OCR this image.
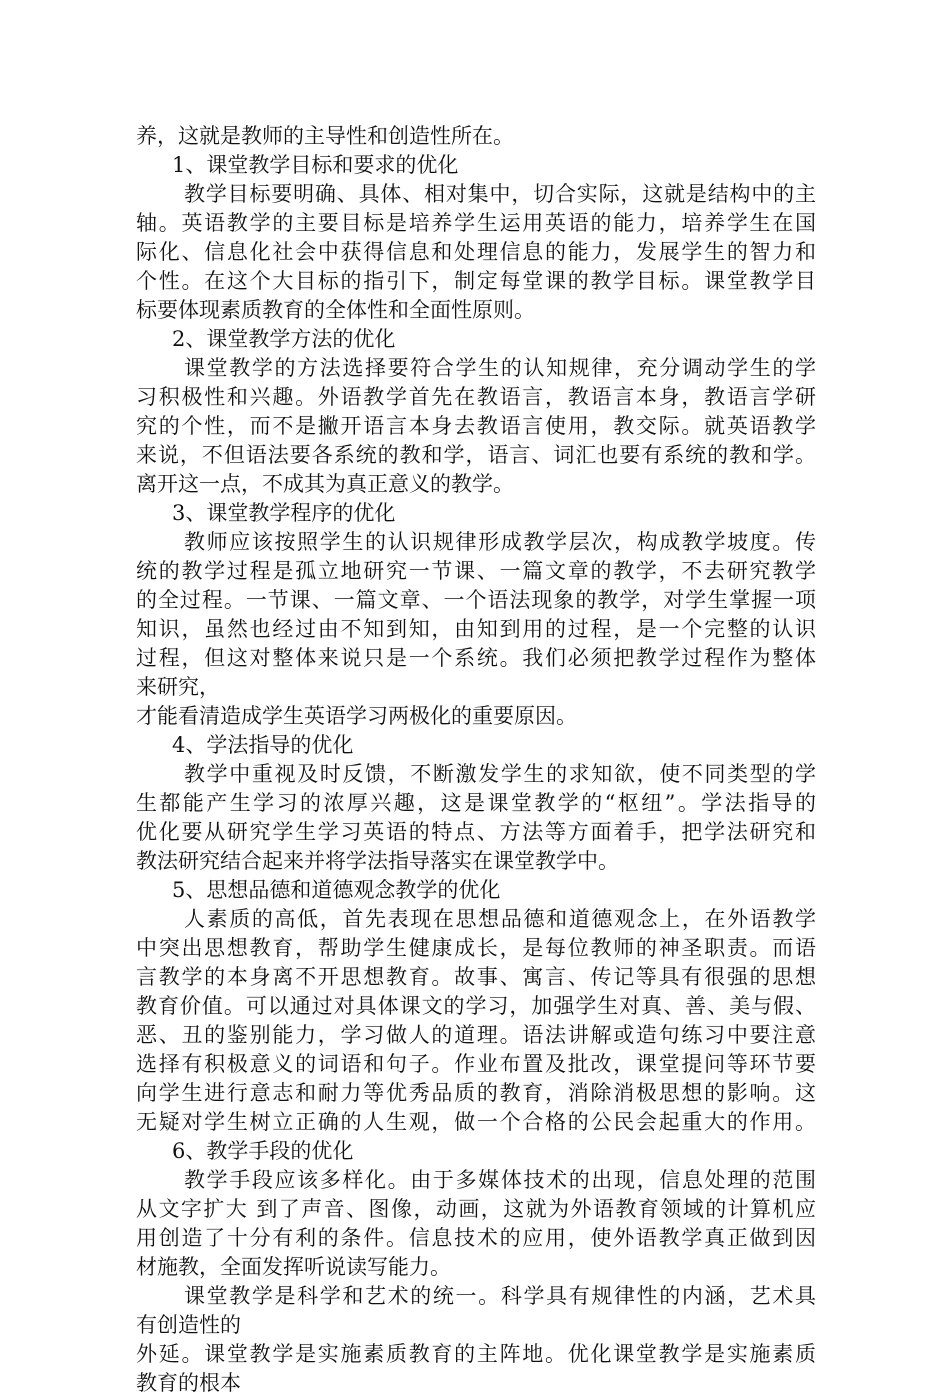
养，这就是教师的主导性和创造性所在。
1、课堂教学目标和要求的优化
教学目标要明确、具体、相对集中，切合实际，这就是结构中的主
轴。英语教学的主要目标是培养学生运用英语的能力，培养学生在国
际化、信息化社会中获得信息和处理信息的能力，发展学生的智力和
个性。在这个大目标的指引下，制定每堂课的教学目标。课堂教学目
标要体现素质教育的全体性和全面性原则。
2、课堂教学方法的优化
课堂教学的方法选择要符合学生的认知规律，充分调动学生的学
习积极性和兴趣。外语教学首先在教语言，教语言本身，教语言学研
究的个性，而不是撇开语言本身去教语言使用，教交际。就英语教学
来说，不但语法要各系统的教和学，语言、词汇也要有系统的教和学。
离开这一点，不成其为真正意义的教学。
3、课堂教学程序的优化
教师应该按照学生的认识规律形成教学层次，构成教学坡度。传
统的教学过程是孤立地研究一节课、一篇文章的教学，不去研究教学
的全过程。一节课、一篇文章、一个语法现象的教学，对学生掌握一项
知识，虽然也经过由不知到知，由知到用的过程，是一个完整的认识
过程，但这对整体来说只是一个系统。我们必须把教学过程作为整体
来研究，
才能看清造成学生英语学习两极化的重要原因。
4、学法指导的优化
教学中重视及时反馈，不断激发学生的求知欲，使不同类型的学
生都能产生学习的浓厚兴趣，这是课堂教学的“枢纽”。学法指导的
优化要从研究学生学习英语的特点、方法等方面着手，把学法研究和
教法研究结合起来并将学法指导落实在课堂教学中。
5、思想品德和道德观念教学的优化
人素质的高低，首先表现在思想品德和道德观念上，在外语教学
中突出思想教育，帮助学生健康成长，是每位教师的神圣职责。而语
言教学的本身离不开思想教育。故事、寓言、传记等具有很强的思想
教育价值。可以通过对具体课文的学习，加强学生对真、善、美与假、
恶、丑的鉴别能力，学习做人的道理。语法讲解或造句练习中要注意
选择有积极意义的词语和句子。作业布置及批改，课堂提问等环节要
向学生进行意志和耐力等优秀品质的教育，消除消极思想的影响。这
无疑对学生树立正确的人生观，做一个合格的公民会起重大的作用。
6、教学手段的优化
教学手段应该多样化。由于多媒体技术的出现，信息处理的范围
从文字扩大 到了声音、图像，动画，这就为外语教育领域的计算机应
用创造了十分有利的条件。信息技术的应用，使外语教学真正做到因
材施教，全面发挥听说读写能力。
课堂教学是科学和艺术的统一。科学具有规律性的内涵，艺术具
有创造性的
外延。课堂教学是实施素质教育的主阵地。优化课堂教学是实施素质
教育的根本
